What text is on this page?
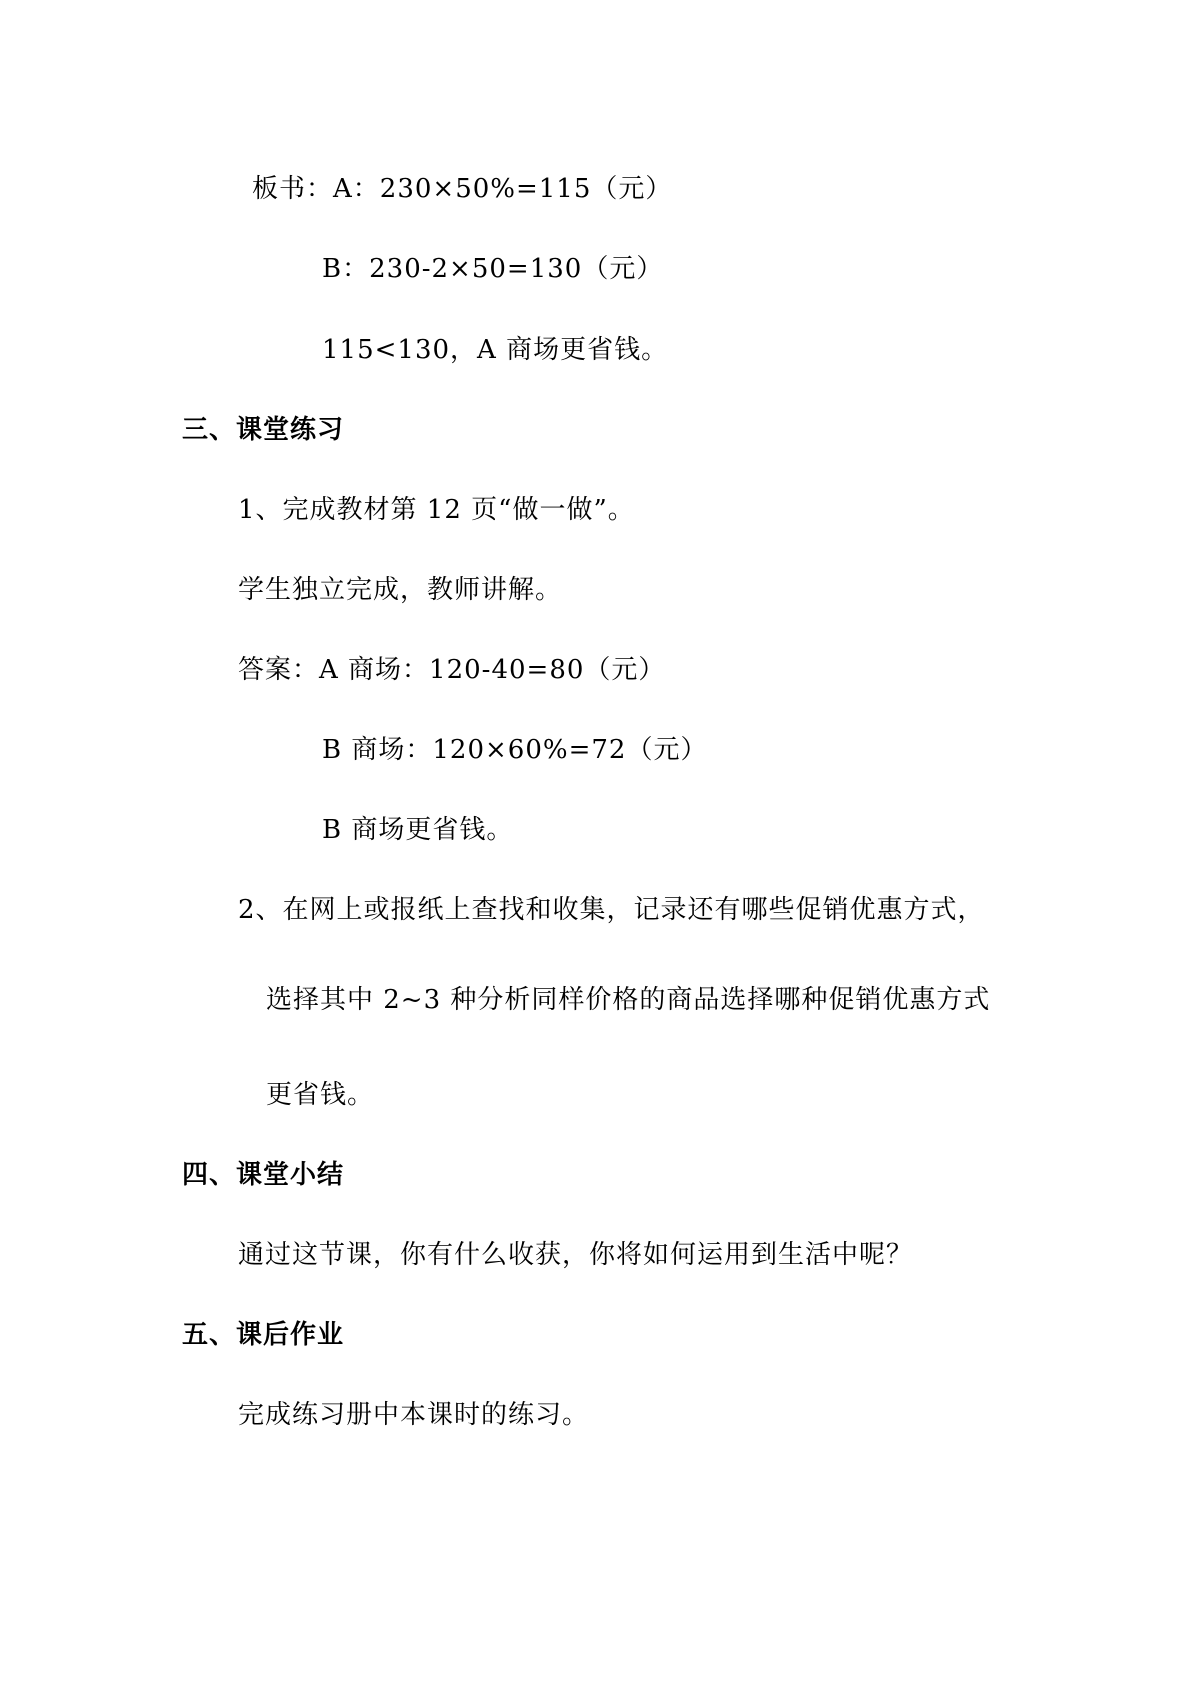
板书：A：230×50%=115（元）
B：230-2×50=130（元）
115<130，A 商场更省钱。
三、课堂练习
1、完成教材第 12 页“做一做”。
学生独立完成，教师讲解。
答案：A 商场：120-40=80（元）
B 商场：120×60%=72（元）
B 商场更省钱。
2、在网上或报纸上查找和收集，记录还有哪些促销优惠方式，
选择其中 2~3 种分析同样价格的商品选择哪种促销优惠方式
更省钱。
四、课堂小结
通过这节课，你有什么收获，你将如何运用到生活中呢？
五、课后作业
完成练习册中本课时的练习。
